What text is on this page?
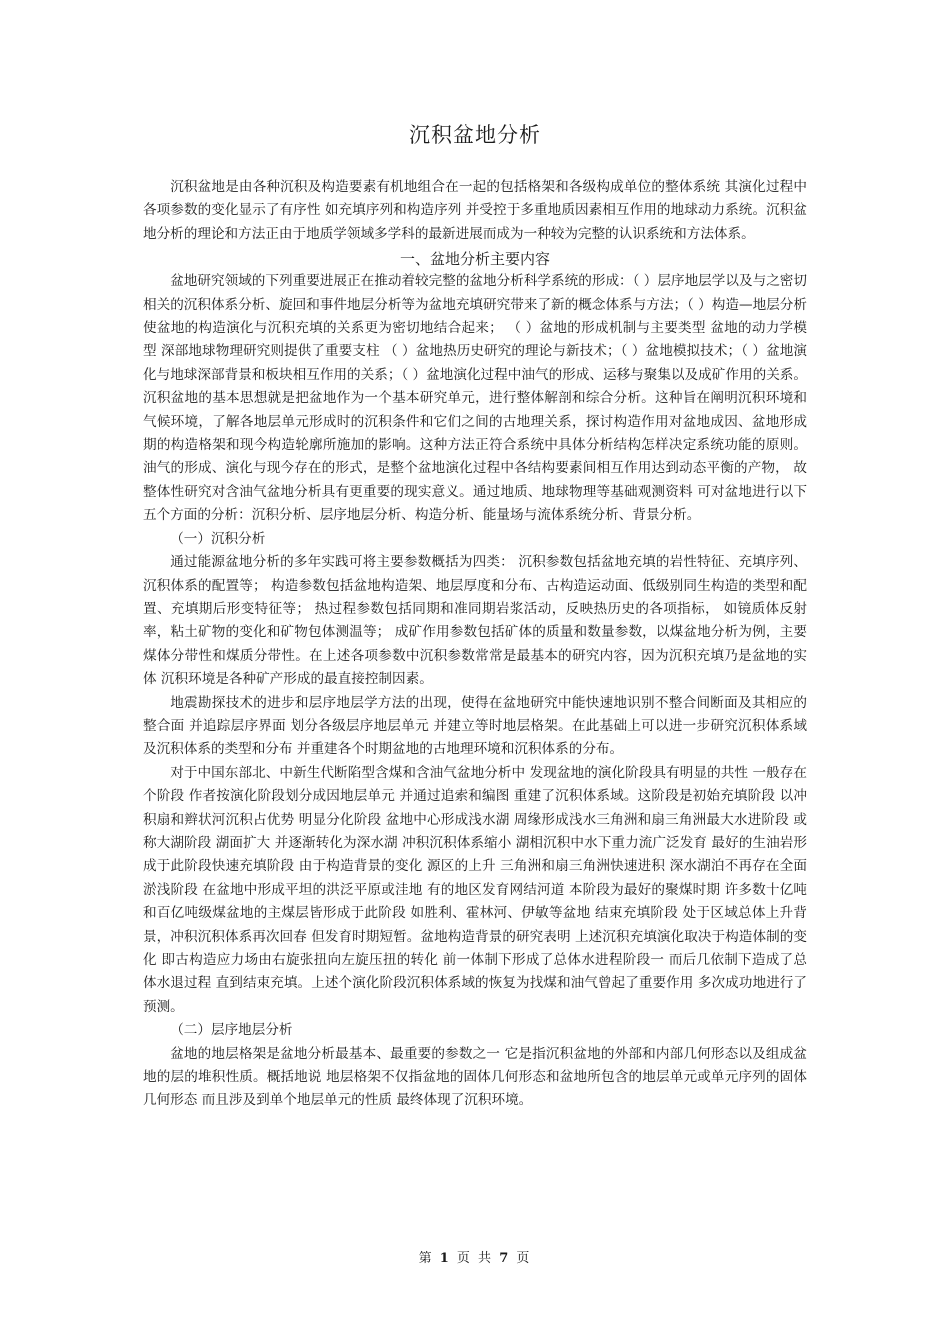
沉积盆地分析

沉积盆地是由各种沉积及构造要素有机地组合在一起的包括格架和各级构成单位的整体系统 其演化过程中各项参数的变化显示了有序性 如充填序列和构造序列 并受控于多重地质因素相互作用的地球动力系统。沉积盆地分析的理论和方法正由于地质学领域多学科的最新进展而成为一种较为完整的认识系统和方法体系。

一、盆地分析主要内容

盆地研究领域的下列重要进展正在推动着较完整的盆地分析科学系统的形成：（ ）层序地层学以及与之密切相关的沉积体系分析、旋回和事件地层分析等为盆地充填研究带来了新的概念体系与方法；（ ）构造—地层分析使盆地的构造演化与沉积充填的关系更为密切地结合起来； （ ）盆地的形成机制与主要类型 盆地的动力学模型 深部地球物理研究则提供了重要支柱 （ ）盆地热历史研究的理论与新技术；（ ）盆地模拟技术；（ ）盆地演化与地球深部背景和板块相互作用的关系；（ ）盆地演化过程中油气的形成、运移与聚集以及成矿作用的关系。沉积盆地的基本思想就是把盆地作为一个基本研究单元，进行整体解剖和综合分析。这种旨在阐明沉积环境和气候环境，了解各地层单元形成时的沉积条件和它们之间的古地理关系，探讨构造作用对盆地成因、盆地形成期的构造格架和现今构造轮廓所施加的影响。这种方法正符合系统中具体分析结构怎样决定系统功能的原则。油气的形成、演化与现今存在的形式，是整个盆地演化过程中各结构要素间相互作用达到动态平衡的产物， 故整体性研究对含油气盆地分析具有更重要的现实意义。通过地质、地球物理等基础观测资料 可对盆地进行以下五个方面的分析：沉积分析、层序地层分析、构造分析、能量场与流体系统分析、背景分析。

（一）沉积分析

通过能源盆地分析的多年实践可将主要参数概括为四类： 沉积参数包括盆地充填的岩性特征、充填序列、沉积体系的配置等； 构造参数包括盆地构造架、地层厚度和分布、古构造运动面、低级别同生构造的类型和配置、充填期后形变特征等； 热过程参数包括同期和准同期岩浆活动，反映热历史的各项指标， 如镜质体反射率，粘土矿物的变化和矿物包体测温等； 成矿作用参数包括矿体的质量和数量参数，以煤盆地分析为例，主要煤体分带性和煤质分带性。在上述各项参数中沉积参数常常是最基本的研究内容，因为沉积充填乃是盆地的实体 沉积环境是各种矿产形成的最直接控制因素。

地震勘探技术的进步和层序地层学方法的出现，使得在盆地研究中能快速地识别不整合间断面及其相应的整合面 并追踪层序界面 划分各级层序地层单元 并建立等时地层格架。在此基础上可以进一步研究沉积体系域及沉积体系的类型和分布 并重建各个时期盆地的古地理环境和沉积体系的分布。

对于中国东部北、中新生代断陷型含煤和含油气盆地分析中 发现盆地的演化阶段具有明显的共性 一般存在个阶段 作者按演化阶段划分成因地层单元 并通过追索和编图 重建了沉积体系域。这阶段是初始充填阶段 以冲积扇和辫状河沉积占优势 明显分化阶段 盆地中心形成浅水湖 周缘形成浅水三角洲和扇三角洲最大水进阶段 或称大湖阶段 湖面扩大 并逐渐转化为深水湖 冲积沉积体系缩小 湖相沉积中水下重力流广泛发育 最好的生油岩形成于此阶段快速充填阶段 由于构造背景的变化 源区的上升 三角洲和扇三角洲快速进积 深水湖泊不再存在全面淤浅阶段 在盆地中形成平坦的洪泛平原或洼地 有的地区发育网结河道 本阶段为最好的聚煤时期 许多数十亿吨和百亿吨级煤盆地的主煤层皆形成于此阶段 如胜利、霍林河、伊敏等盆地 结束充填阶段 处于区域总体上升背景，冲积沉积体系再次回春 但发育时期短暂。盆地构造背景的研究表明 上述沉积充填演化取决于构造体制的变化 即古构造应力场由右旋张扭向左旋压扭的转化 前一体制下形成了总体水进程阶段一 而后几依制下造成了总体水退过程 直到结束充填。上述个演化阶段沉积体系域的恢复为找煤和油气曾起了重要作用 多次成功地进行了预测。

（二）层序地层分析

盆地的地层格架是盆地分析最基本、最重要的参数之一 它是指沉积盆地的外部和内部几何形态以及组成盆地的层的堆积性质。概括地说 地层格架不仅指盆地的固体几何形态和盆地所包含的地层单元或单元序列的固体几何形态 而且涉及到单个地层单元的性质 最终体现了沉积环境。

第 1 页 共 7 页
